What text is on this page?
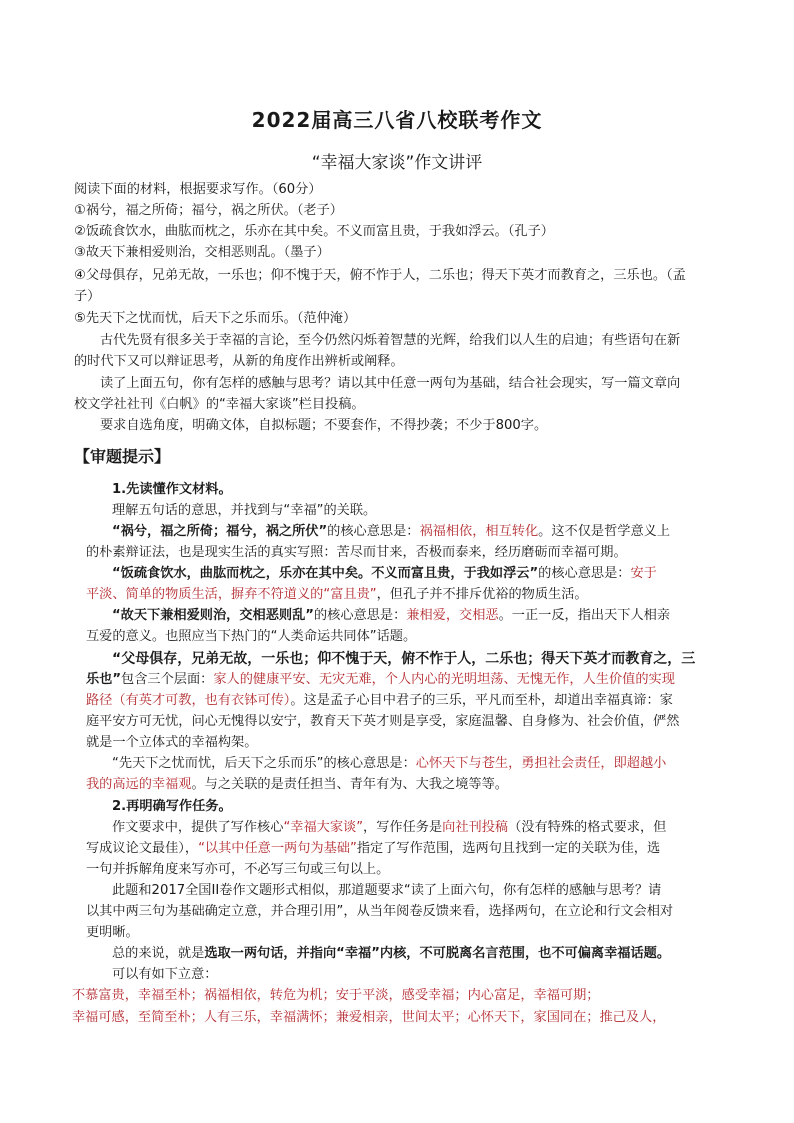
2022届高三八省八校联考作文
“幸福大家谈”作文讲评
阅读下面的材料，根据要求写作。（60分）
①祸兮，福之所倚；福兮，祸之所伏。（老子）
②饭疏食饮水，曲肱而枕之，乐亦在其中矣。不义而富且贵，于我如浮云。（孔子）
③故天下兼相爱则治，交相恶则乱。（墨子）
④父母俱存，兄弟无故，一乐也；仰不愧于天，俯不怍于人，二乐也；得天下英才而教育之，三乐也。（孟
子）
⑤先天下之忧而忧，后天下之乐而乐。（范仲淹）
古代先贤有很多关于幸福的言论，至今仍然闪烁着智慧的光辉，给我们以人生的启迪；有些语句在新
的时代下又可以辩证思考，从新的角度作出辨析或阐释。
读了上面五句，你有怎样的感触与思考？请以其中任意一两句为基础，结合社会现实，写一篇文章向
校文学社社刊《白帆》的“幸福大家谈”栏目投稿。
要求自选角度，明确文体，自拟标题；不要套作，不得抄袭；不少于800字。
【审题提示】
1.先读懂作文材料。
理解五句话的意思，并找到与“幸福”的关联。
“祸兮，福之所倚；福兮，祸之所伏”的核心意思是：祸福相依，相互转化。这不仅是哲学意义上
的朴素辩证法，也是现实生活的真实写照：苦尽而甘来，否极而泰来，经历磨砺而幸福可期。
“饭疏食饮水，曲肱而枕之，乐亦在其中矣。不义而富且贵，于我如浮云”的核心意思是：安于
平淡、简单的物质生活，摒弃不符道义的“富且贵”，但孔子并不排斥优裕的物质生活。
“故天下兼相爱则治，交相恶则乱”的核心意思是：兼相爱，交相恶。一正一反，指出天下人相亲
互爱的意义。也照应当下热门的“人类命运共同体”话题。
“父母俱存，兄弟无故，一乐也；仰不愧于天，俯不怍于人，二乐也；得天下英才而教育之，三
乐也”包含三个层面：家人的健康平安、无灾无难，个人内心的光明坦荡、无愧无作，人生价值的实现
路径（有英才可教，也有衣钵可传）。这是孟子心目中君子的三乐，平凡而至朴，却道出幸福真谛：家
庭平安方可无忧，问心无愧得以安宁，教育天下英才则是享受，家庭温馨、自身修为、社会价值，俨然
就是一个立体式的幸福构架。
“先天下之忧而忧，后天下之乐而乐”的核心意思是：心怀天下与苍生，勇担社会责任，即超越小
我的高远的幸福观。与之关联的是责任担当、青年有为、大我之境等等。
2.再明确写作任务。
作文要求中，提供了写作核心“幸福大家谈”，写作任务是向社刊投稿（没有特殊的格式要求，但
写成议论文最佳），“以其中任意一两句为基础”指定了写作范围，选两句且找到一定的关联为佳，选
一句并拆解角度来写亦可，不必写三句或三句以上。
此题和2017全国II卷作文题形式相似，那道题要求“读了上面六句，你有怎样的感触与思考？请
以其中两三句为基础确定立意，并合理引用”，从当年阅卷反馈来看，选择两句，在立论和行文会相对
更明晰。
总的来说，就是选取一两句话，并指向“幸福”内核，不可脱离名言范围，也不可偏离幸福话题。
可以有如下立意：
不慕富贵，幸福至朴；祸福相依，转危为机；安于平淡，感受幸福；内心富足，幸福可期；
幸福可感，至简至朴；人有三乐，幸福满怀；兼爱相亲，世间太平；心怀天下，家国同在；推己及人，
